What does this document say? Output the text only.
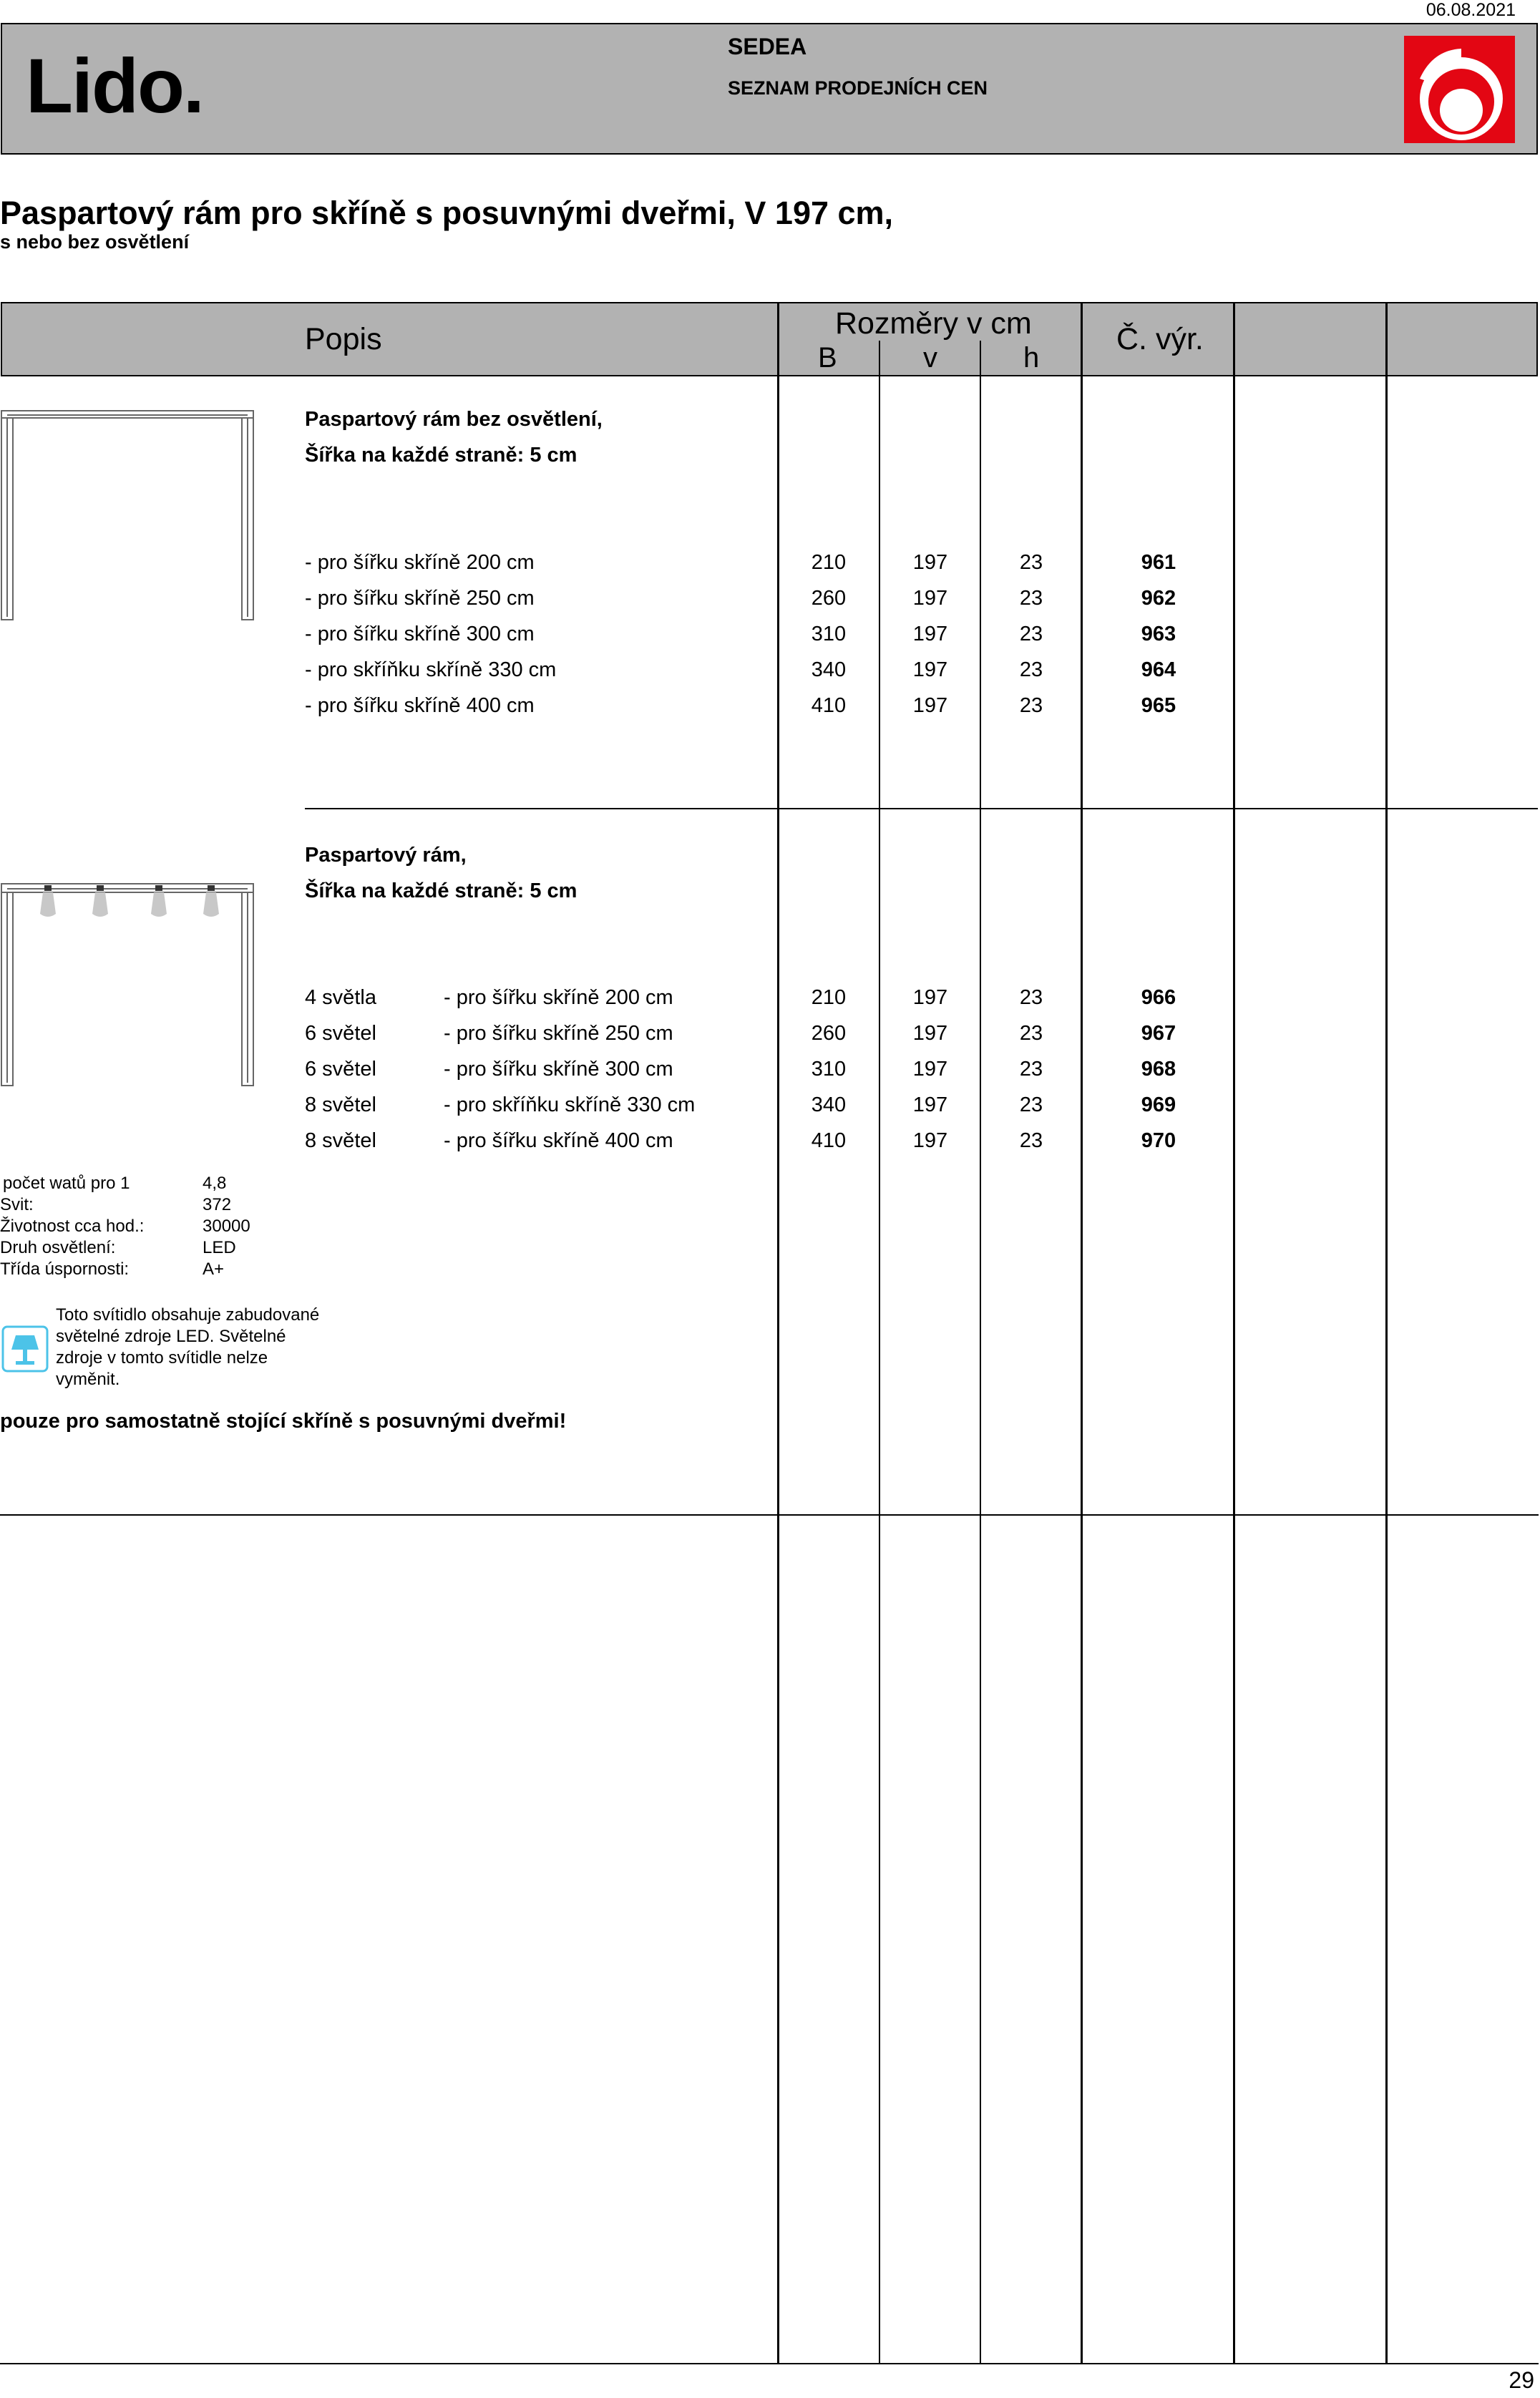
06.08.2021
Lido.	SEDEA
SEZNAM PRODEJNÍCH CEN
Paspartový rám pro skříně s posuvnými dveřmi, V 197 cm,
s nebo bez osvětlení
Popis	Rozměry v cm
B	v	h
Č. výr.
Paspartový rám bez osvětlení,
Šířka na každé straně: 5 cm
- pro šířku skříně 200 cm	210	197	23	961
- pro šířku skříně 250 cm	260	197	23	962
- pro šířku skříně 300 cm	310	197	23	963
- pro skříňku skříně 330 cm	340	197	23	964
- pro šířku skříně 400 cm	410	197	23	965
Paspartový rám,
Šířka na každé straně: 5 cm
4 světla	- pro šířku skříně 200 cm	210	197	23	966
6 světel	- pro šířku skříně 250 cm	260	197	23	967
6 světel	- pro šířku skříně 300 cm	310	197	23	968
8 světel	- pro skříňku skříně 330 cm	340	197	23	969
8 světel	- pro šířku skříně 400 cm	410	197	23	970
počet watů pro 1	4,8
Svit:	372
Životnost cca hod.:	30000
Druh osvětlení:	LED
Třída úspornosti:	A+
Toto svítidlo obsahuje zabudované
světelné zdroje LED. Světelné
zdroje v tomto svítidle nelze
vyměnit.
pouze pro samostatně stojící skříně s posuvnými dveřmi!
29
